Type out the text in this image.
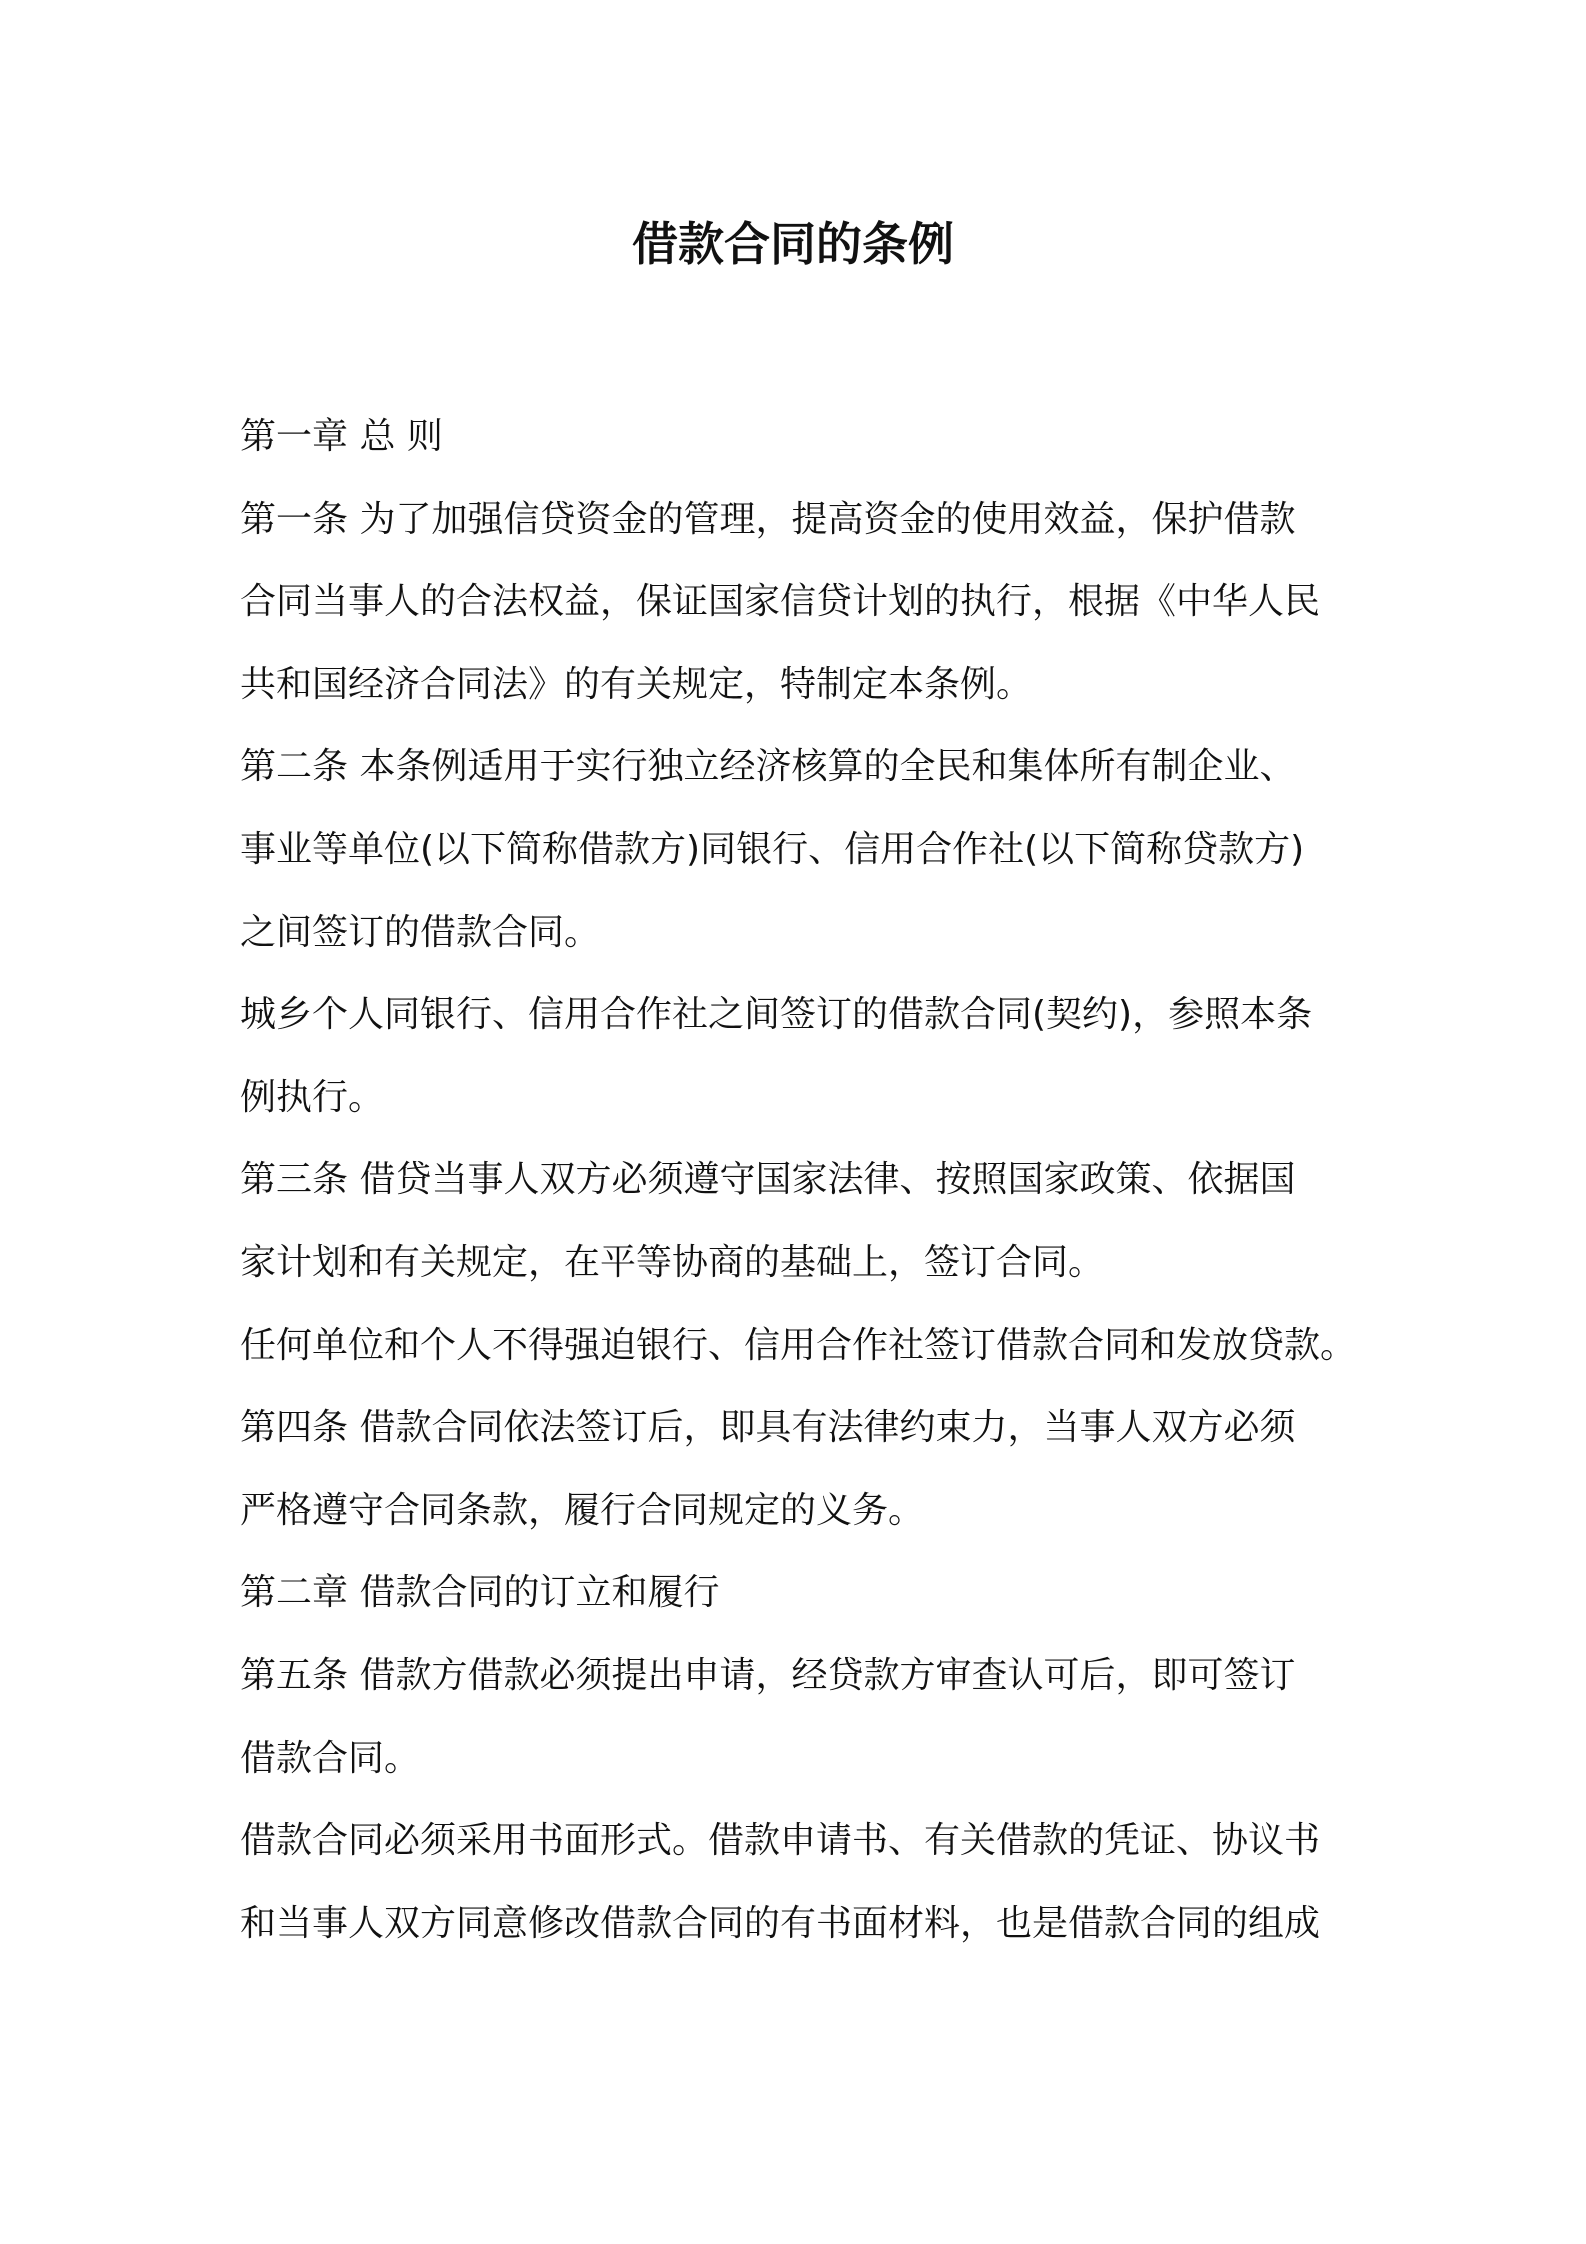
借款合同的条例
第一章 总 则
第一条 为了加强信贷资金的管理，提高资金的使用效益，保护借款
合同当事人的合法权益，保证国家信贷计划的执行，根据《中华人民
共和国经济合同法》的有关规定，特制定本条例。
第二条 本条例适用于实行独立经济核算的全民和集体所有制企业、
事业等单位(以下简称借款方)同银行、信用合作社(以下简称贷款方)
之间签订的借款合同。
城乡个人同银行、信用合作社之间签订的借款合同(契约)，参照本条
例执行。
第三条 借贷当事人双方必须遵守国家法律、按照国家政策、依据国
家计划和有关规定，在平等协商的基础上，签订合同。
任何单位和个人不得强迫银行、信用合作社签订借款合同和发放贷款。
第四条 借款合同依法签订后，即具有法律约束力，当事人双方必须
严格遵守合同条款，履行合同规定的义务。
第二章 借款合同的订立和履行
第五条 借款方借款必须提出申请，经贷款方审查认可后，即可签订
借款合同。
借款合同必须采用书面形式。借款申请书、有关借款的凭证、协议书
和当事人双方同意修改借款合同的有书面材料，也是借款合同的组成
